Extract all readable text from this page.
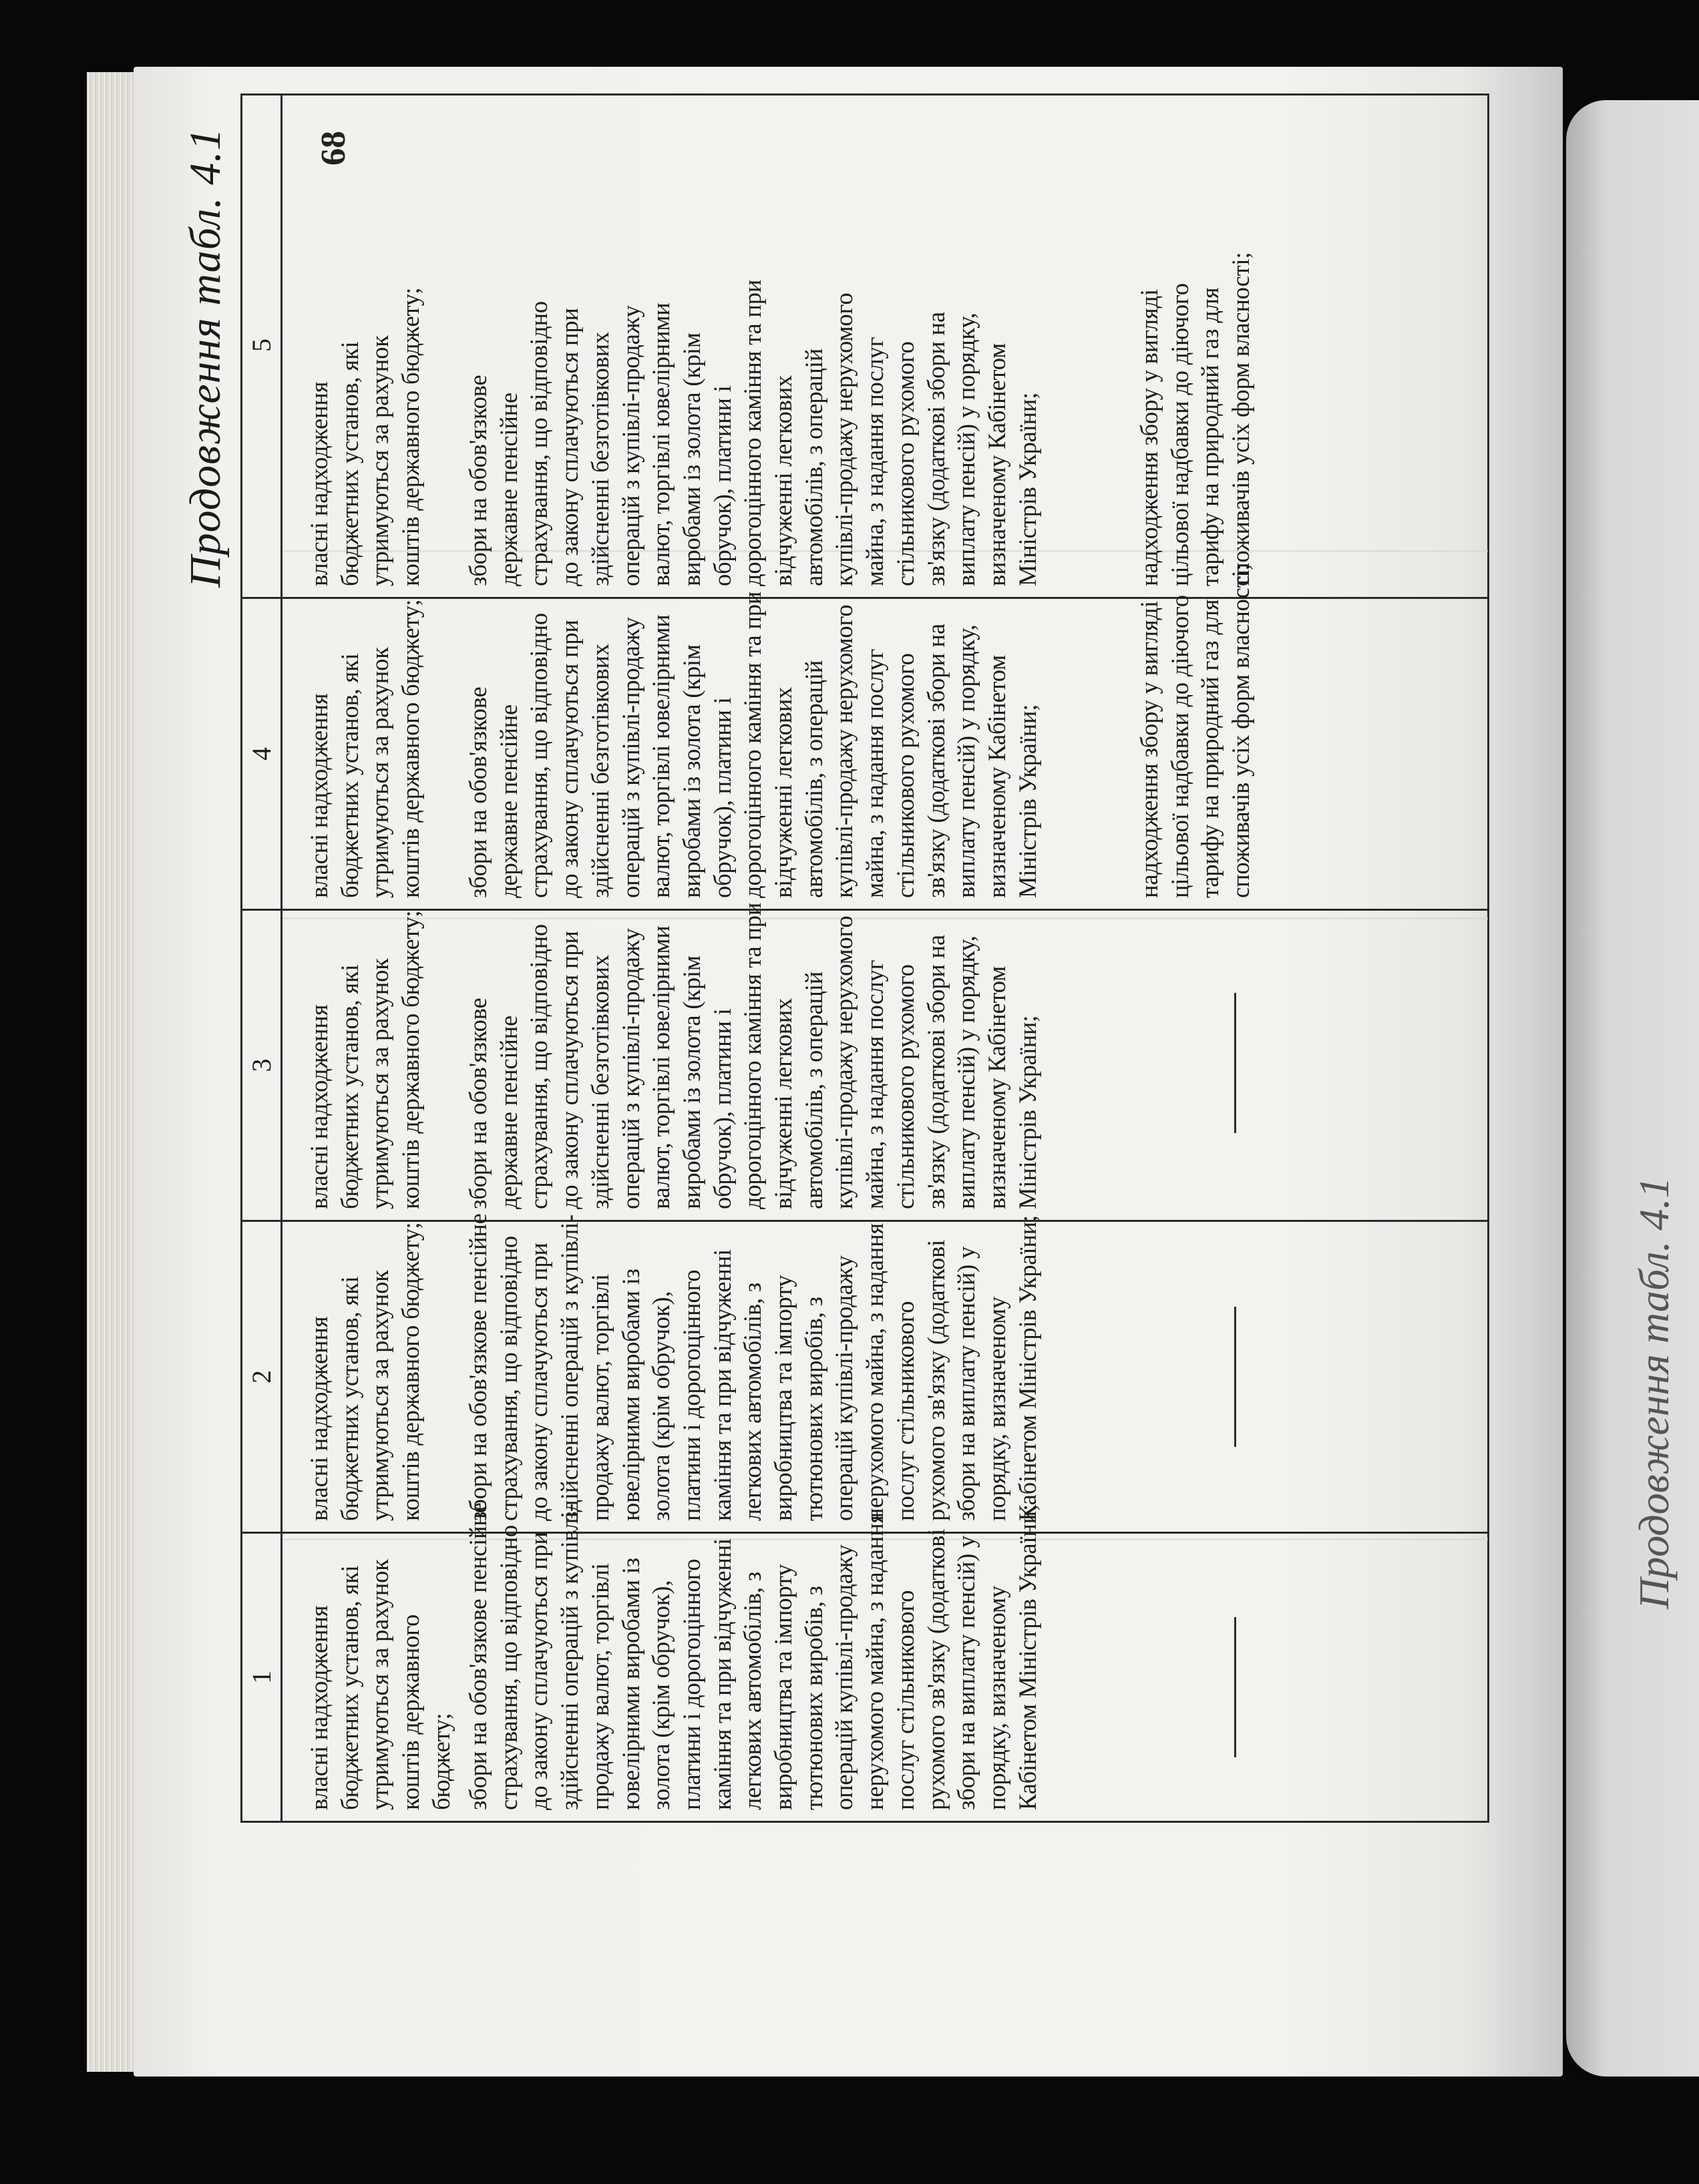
Продовження табл. 4.1
68
Продовження табл. 4.1
1
2
3
4
5
власні надходження бюджетних установ, які утримуються за рахунок коштів державного бюджету;
власні надходження бюджетних установ, які утримуються за рахунок коштів державного бюджету;
власні надходження бюджетних установ, які утримуються за рахунок коштів державного бюджету;
власні надходження бюджетних установ, які утримуються за рахунок коштів державного бюджету;
власні надходження бюджетних установ, які утримуються за рахунок коштів державного бюджету;
збори на обов'язкове пенсійне страхування, що відповідно до закону сплачуються при здійсненні операцій з купівлі- продажу валют, торгівлі ювелірними виробами із золота (крім обручок), платини і дорогоцінного каміння та при відчуженні легкових автомобілів, з виробництва та імпорту тютюнових виробів, з операцій купівлі-продажу нерухомого майна, з надання послуг стільникового рухомого зв'язку (додаткові збори на виплату пенсій) у порядку, визначеному Кабінетом Міністрів України;
збори на обов'язкове пенсійне страхування, що відповідно до закону сплачуються при здійсненні операцій з купівлі- продажу валют, торгівлі ювелірними виробами із золота (крім обручок), платини і дорогоцінного каміння та при відчуженні легкових автомобілів, з виробництва та імпорту тютюнових виробів, з операцій купівлі-продажу нерухомого майна, з надання послуг стільникового рухомого зв'язку (додаткові збори на виплату пенсій) у порядку, визначеному Кабінетом Міністрів України;
збори на обов'язкове державне пенсійне страхування, що відповідно до закону сплачуються при здійсненні безготівкових операцій з купівлі-продажу валют, торгівлі ювелірними виробами із золота (крім обручок), платини і дорогоцінного каміння та при відчуженні легкових автомобілів, з операцій купівлі-продажу нерухомого майна, з надання послуг стільникового рухомого зв'язку (додаткові збори на виплату пенсій) у порядку, визначеному Кабінетом Міністрів України;
збори на обов'язкове державне пенсійне страхування, що відповідно до закону сплачуються при здійсненні безготівкових операцій з купівлі-продажу валют, торгівлі ювелірними виробами із золота (крім обручок), платини і дорогоцінного каміння та при відчуженні легкових автомобілів, з операцій купівлі-продажу нерухомого майна, з надання послуг стільникового рухомого зв'язку (додаткові збори на виплату пенсій) у порядку, визначеному Кабінетом Міністрів України;
збори на обов'язкове державне пенсійне страхування, що відповідно до закону сплачуються при здійсненні безготівкових операцій з купівлі-продажу валют, торгівлі ювелірними виробами із золота (крім обручок), платини і дорогоцінного каміння та при відчуженні легкових автомобілів, з операцій купівлі-продажу нерухомого майна, з надання послуг стільникового рухомого зв'язку (додаткові збори на виплату пенсій) у порядку, визначеному Кабінетом Міністрів України;
надходження збору у вигляді цільової надбавки до діючого тарифу на природний газ для споживачів усіх форм власності;
надходження збору у вигляді цільової надбавки до діючого тарифу на природний газ для споживачів усіх форм власності;
